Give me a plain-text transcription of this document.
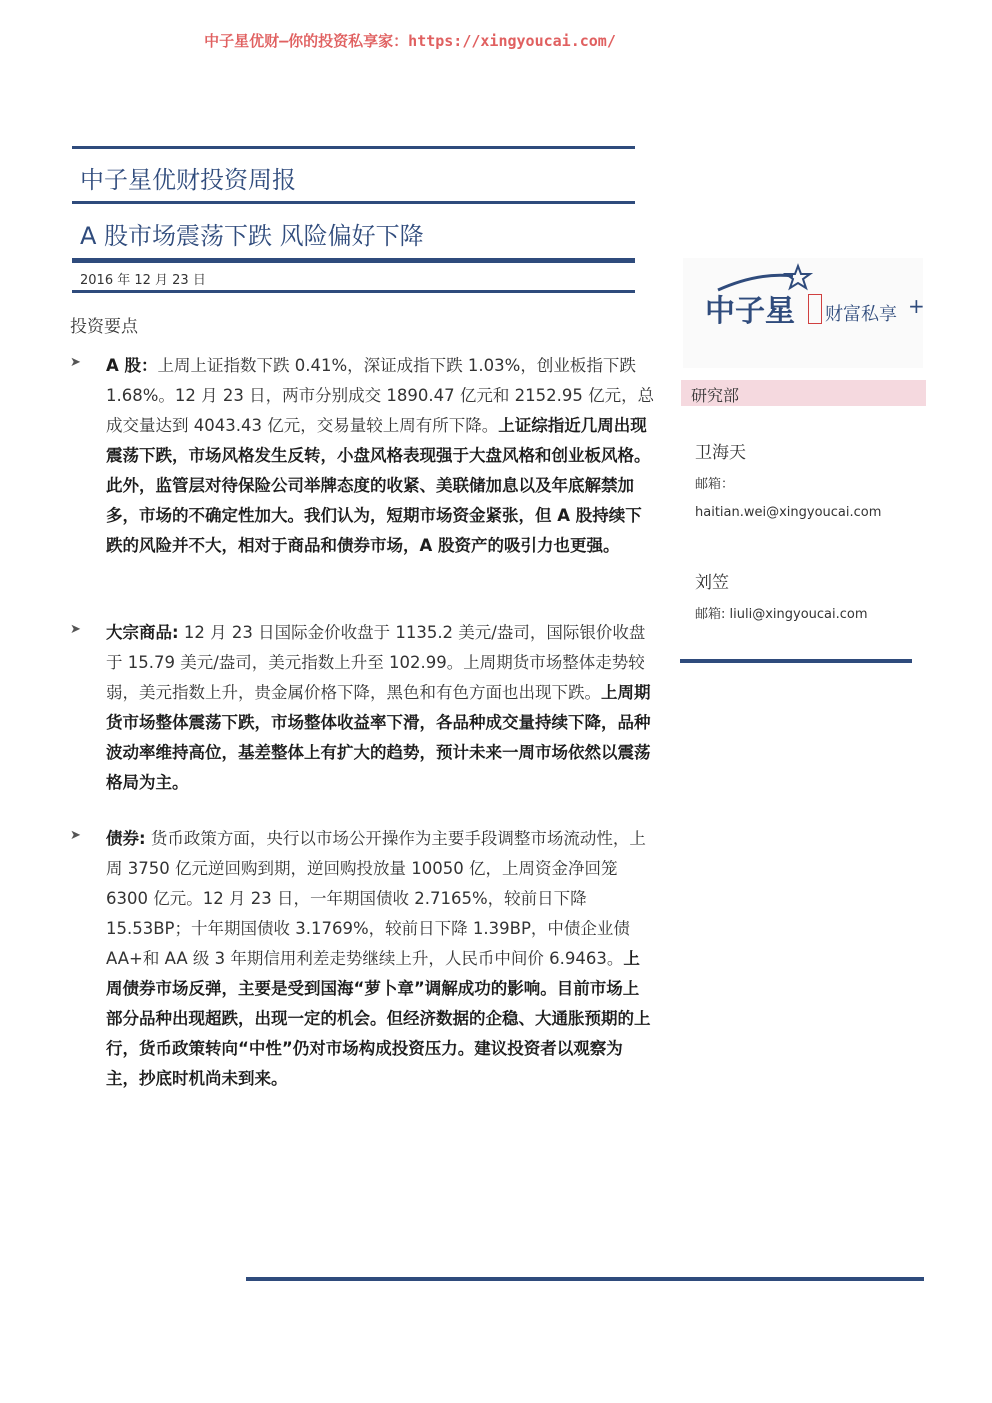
中子星优财—你的投资私享家：https://xingyoucai.com/
中子星优财投资周报
A 股市场震荡下跌 风险偏好下降
2016 年 12 月 23 日
投资要点
➤ A 股：上周上证指数下跌 0.41%，深证成指下跌 1.03%，创业板指下跌 1.68%。12 月 23 日，两市分别成交 1890.47 亿元和 2152.95 亿元，总成交量达到 4043.43 亿元，交易量较上周有所下降。上证综指近几周出现震荡下跌，市场风格发生反转，小盘风格表现强于大盘风格和创业板风格。此外，监管层对待保险公司举牌态度的收紧、美联储加息以及年底解禁加多，市场的不确定性加大。我们认为，短期市场资金紧张，但 A 股持续下跌的风险并不大，相对于商品和债券市场，A 股资产的吸引力也更强。
➤ 大宗商品: 12 月 23 日国际金价收盘于 1135.2 美元/盎司，国际银价收盘于 15.79 美元/盎司，美元指数上升至 102.99。上周期货市场整体走势较弱，美元指数上升，贵金属价格下降，黑色和有色方面也出现下跌。上周期货市场整体震荡下跌，市场整体收益率下滑，各品种成交量持续下降，品种波动率维持高位，基差整体上有扩大的趋势，预计未来一周市场依然以震荡格局为主。
➤ 债券: 货币政策方面，央行以市场公开操作为主要手段调整市场流动性，上周 3750 亿元逆回购到期，逆回购投放量 10050 亿，上周资金净回笼 6300 亿元。12 月 23 日，一年期国债收 2.7165%，较前日下降 15.53BP；十年期国债收 3.1769%，较前日下降 1.39BP，中债企业债 AA+和 AA 级 3 年期信用利差走势继续上升，人民币中间价 6.9463。上周债券市场反弹，主要是受到国海“萝卜章”调解成功的影响。目前市场上部分品种出现超跌，出现一定的机会。但经济数据的企稳、大通胀预期的上行，货币政策转向“中性”仍对市场构成投资压力。建议投资者以观察为主，抄底时机尚未到来。
中子星 财富私享 +
研究部
卫海天
邮箱：
haitian.wei@xingyoucai.com
刘笠
邮箱: liuli@xingyoucai.com
